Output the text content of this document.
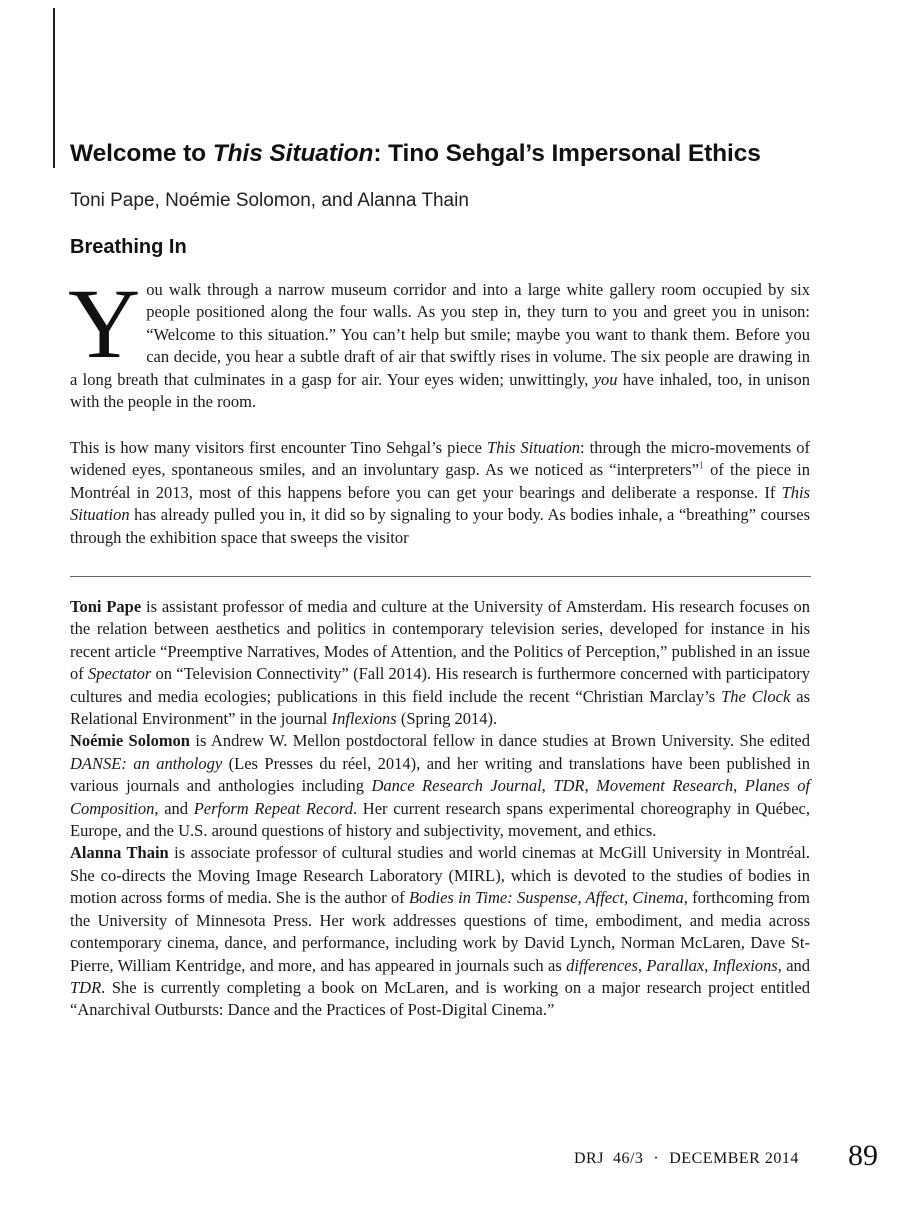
Welcome to This Situation: Tino Sehgal’s Impersonal Ethics
Toni Pape, Noémie Solomon, and Alanna Thain
Breathing In

You walk through a narrow museum corridor and into a large white gallery room occupied by six people positioned along the four walls. As you step in, they turn to you and greet you in unison: “Welcome to this situation.” You can’t help but smile; maybe you want to thank them. Before you can decide, you hear a subtle draft of air that swiftly rises in volume. The six people are drawing in a long breath that culminates in a gasp for air. Your eyes widen; unwittingly, you have inhaled, too, in unison with the people in the room.

This is how many visitors first encounter Tino Sehgal’s piece This Situation: through the micro-movements of widened eyes, spontaneous smiles, and an involuntary gasp. As we noticed as “interpreters”$^1$ of the piece in Montréal in 2013, most of this happens before you can get your bearings and deliberate a response. If This Situation has already pulled you in, it did so by signaling to your body. As bodies inhale, a “breathing” courses through the exhibition space that sweeps the visitor

Toni Pape is assistant professor of media and culture at the University of Amsterdam. His research focuses on the relation between aesthetics and politics in contemporary television series, developed for instance in his recent article “Preemptive Narratives, Modes of Attention, and the Politics of Perception,” published in an issue of Spectator on “Television Connectivity” (Fall 2014). His research is furthermore concerned with participatory cultures and media ecologies; publications in this field include the recent “Christian Marclay’s The Clock as Relational Environment” in the journal Inflexions (Spring 2014).

Noémie Solomon is Andrew W. Mellon postdoctoral fellow in dance studies at Brown University. She edited DANSE: an anthology (Les Presses du réel, 2014), and her writing and translations have been published in various journals and anthologies including Dance Research Journal, TDR, Movement Research, Planes of Composition, and Perform Repeat Record. Her current research spans experimental choreography in Québec, Europe, and the U.S. around questions of history and subjectivity, movement, and ethics.

Alanna Thain is associate professor of cultural studies and world cinemas at McGill University in Montréal. She co-directs the Moving Image Research Laboratory (MIRL), which is devoted to the studies of bodies in motion across forms of media. She is the author of Bodies in Time: Suspense, Affect, Cinema, forthcoming from the University of Minnesota Press. Her work addresses questions of time, embodiment, and media across contemporary cinema, dance, and performance, including work by David Lynch, Norman McLaren, Dave St-Pierre, William Kentridge, and more, and has appeared in journals such as differences, Parallax, Inflexions, and TDR. She is currently completing a book on McLaren, and is working on a major research project entitled “Anarchival Outbursts: Dance and the Practices of Post-Digital Cinema.”

DRJ 46/3 · DECEMBER 2014 89
